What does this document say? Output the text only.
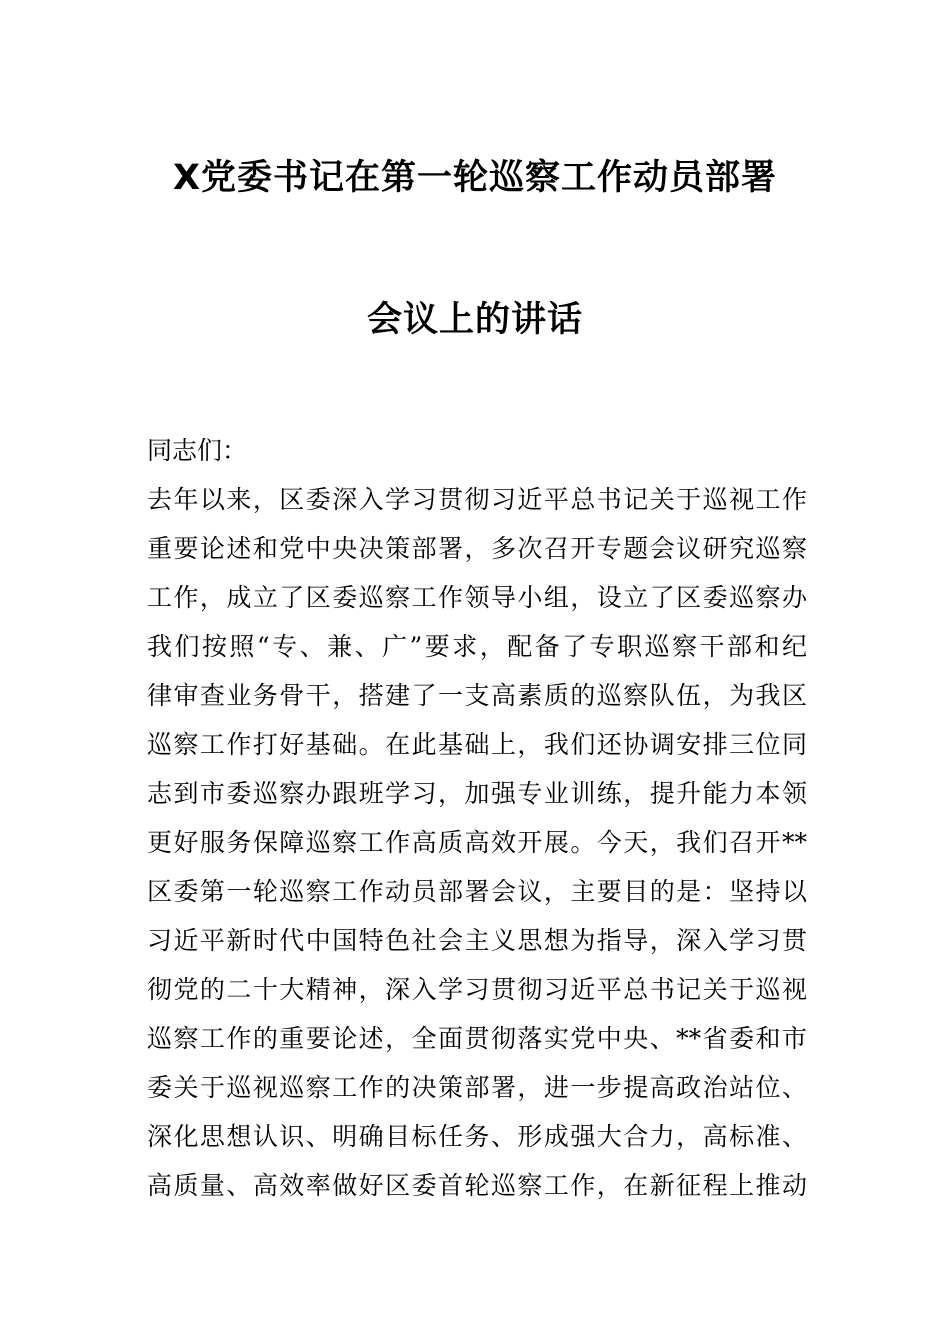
X党委书记在第一轮巡察工作动员部署
会议上的讲话
同志们：
去年以来，区委深入学习贯彻习近平总书记关于巡视工作
重要论述和党中央决策部署，多次召开专题会议研究巡察
工作，成立了区委巡察工作领导小组，设立了区委巡察办
我们按照“专、兼、广”要求，配备了专职巡察干部和纪
律审查业务骨干，搭建了一支高素质的巡察队伍，为我区
巡察工作打好基础。在此基础上，我们还协调安排三位同
志到市委巡察办跟班学习，加强专业训练，提升能力本领
更好服务保障巡察工作高质高效开展。今天，我们召开**
区委第一轮巡察工作动员部署会议，主要目的是：坚持以
习近平新时代中国特色社会主义思想为指导，深入学习贯
彻党的二十大精神，深入学习贯彻习近平总书记关于巡视
巡察工作的重要论述，全面贯彻落实党中央、**省委和市
委关于巡视巡察工作的决策部署，进一步提高政治站位、
深化思想认识、明确目标任务、形成强大合力，高标准、
高质量、高效率做好区委首轮巡察工作，在新征程上推动
